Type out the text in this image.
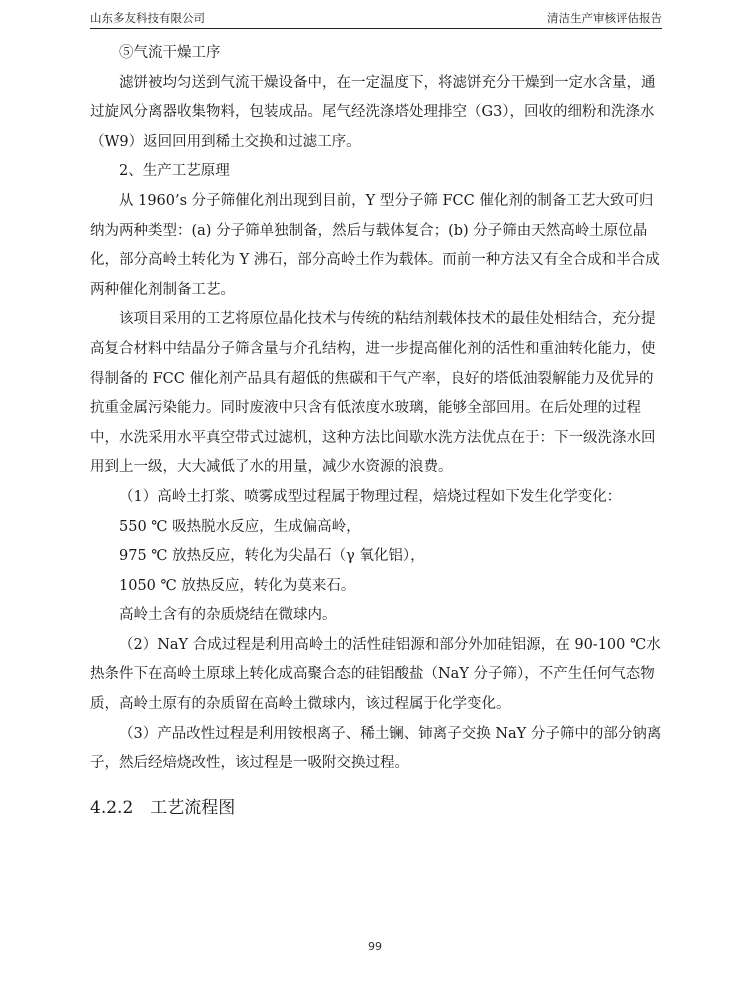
山东多友科技有限公司	清洁生产审核评估报告

⑤气流干燥工序

滤饼被均匀送到气流干燥设备中，在一定温度下，将滤饼充分干燥到一定水含量，通过旋风分离器收集物料，包装成品。尾气经洗涤塔处理排空（G3），回收的细粉和洗涤水（W9）返回回用到稀土交换和过滤工序。

2、生产工艺原理

从 1960’s 分子筛催化剂出现到目前，Y 型分子筛 FCC 催化剂的制备工艺大致可归纳为两种类型：(a) 分子筛单独制备，然后与载体复合；(b) 分子筛由天然高岭土原位晶化，部分高岭土转化为 Y 沸石，部分高岭土作为载体。而前一种方法又有全合成和半合成两种催化剂制备工艺。

该项目采用的工艺将原位晶化技术与传统的粘结剂载体技术的最佳处相结合，充分提高复合材料中结晶分子筛含量与介孔结构，进一步提高催化剂的活性和重油转化能力，使得制备的 FCC 催化剂产品具有超低的焦碳和干气产率，良好的塔低油裂解能力及优异的抗重金属污染能力。同时废液中只含有低浓度水玻璃，能够全部回用。在后处理的过程中，水洗采用水平真空带式过滤机，这种方法比间歇水洗方法优点在于：下一级洗涤水回用到上一级，大大减低了水的用量，减少水资源的浪费。

（1）高岭土打浆、喷雾成型过程属于物理过程，焙烧过程如下发生化学变化：

550 ℃ 吸热脱水反应，生成偏高岭，

975 ℃ 放热反应，转化为尖晶石（γ 氧化铝），

1050 ℃ 放热反应，转化为莫来石。

高岭土含有的杂质烧结在微球内。

（2）NaY 合成过程是利用高岭土的活性硅铝源和部分外加硅铝源，在 90-100 ℃水热条件下在高岭土原球上转化成高聚合态的硅铝酸盐（NaY 分子筛），不产生任何气态物质，高岭土原有的杂质留在高岭土微球内，该过程属于化学变化。

（3）产品改性过程是利用铵根离子、稀土镧、铈离子交换 NaY 分子筛中的部分钠离子，然后经焙烧改性，该过程是一吸附交换过程。

4.2.2　工艺流程图
99
